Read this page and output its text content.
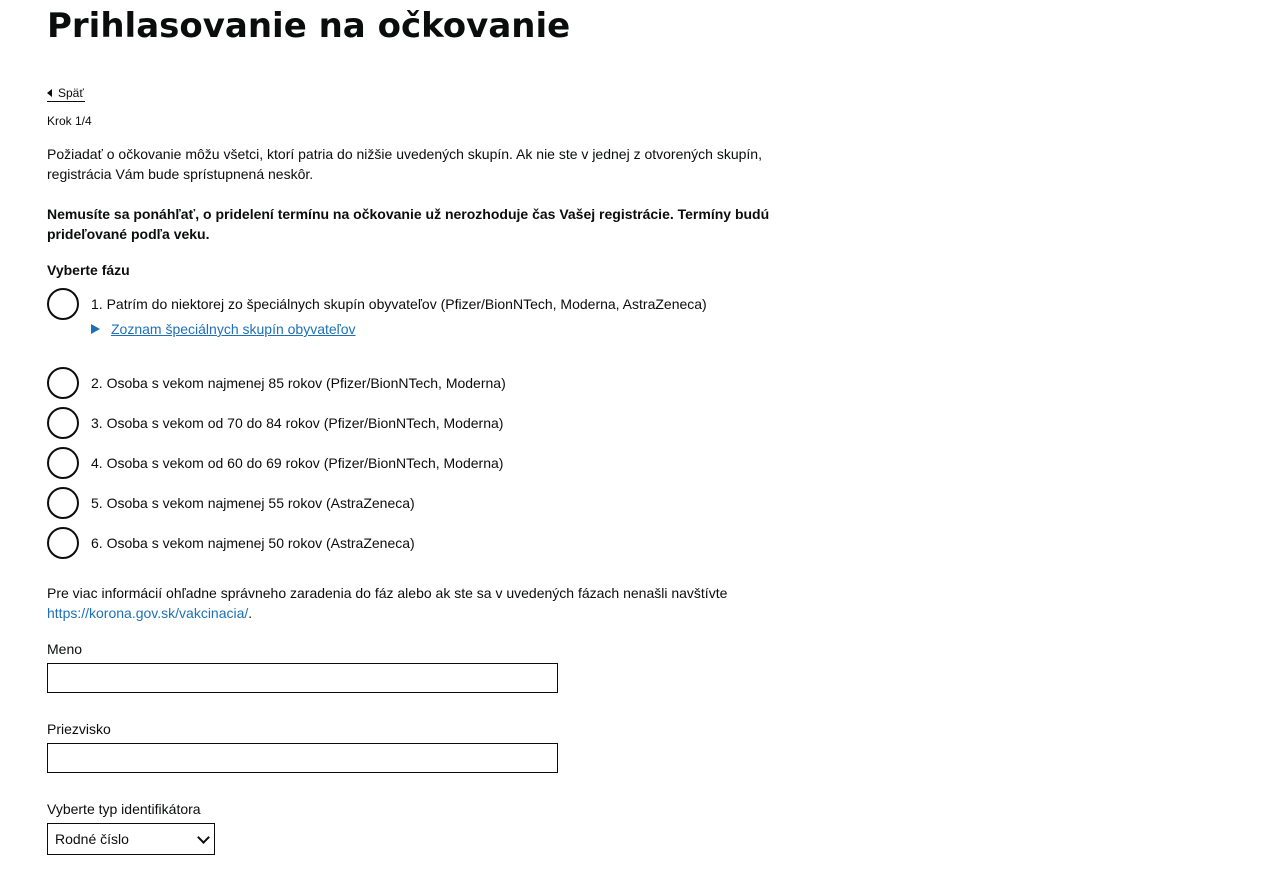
Prihlasovanie na očkovanie
Späť
Krok 1/4

Požiadať o očkovanie môžu všetci, ktorí patria do nižšie uvedených skupín. Ak nie ste v jednej z otvorených skupín, registrácia Vám bude sprístupnená neskôr.

Nemusíte sa ponáhľať, o pridelení termínu na očkovanie už nerozhoduje čas Vašej registrácie. Termíny budú prideľované podľa veku.

Vyberte fázu
1. Patrím do niektorej zo špeciálnych skupín obyvateľov (Pfizer/BionNTech, Moderna, AstraZeneca)
Zoznam špeciálnych skupín obyvateľov
2. Osoba s vekom najmenej 85 rokov (Pfizer/BionNTech, Moderna)
3. Osoba s vekom od 70 do 84 rokov (Pfizer/BionNTech, Moderna)
4. Osoba s vekom od 60 do 69 rokov (Pfizer/BionNTech, Moderna)
5. Osoba s vekom najmenej 55 rokov (AstraZeneca)
6. Osoba s vekom najmenej 50 rokov (AstraZeneca)

Pre viac informácií ohľadne správneho zaradenia do fáz alebo ak ste sa v uvedených fázach nenašli navštívte
https://korona.gov.sk/vakcinacia/.

Meno
Priezvisko
Vyberte typ identifikátora
Rodné číslo
